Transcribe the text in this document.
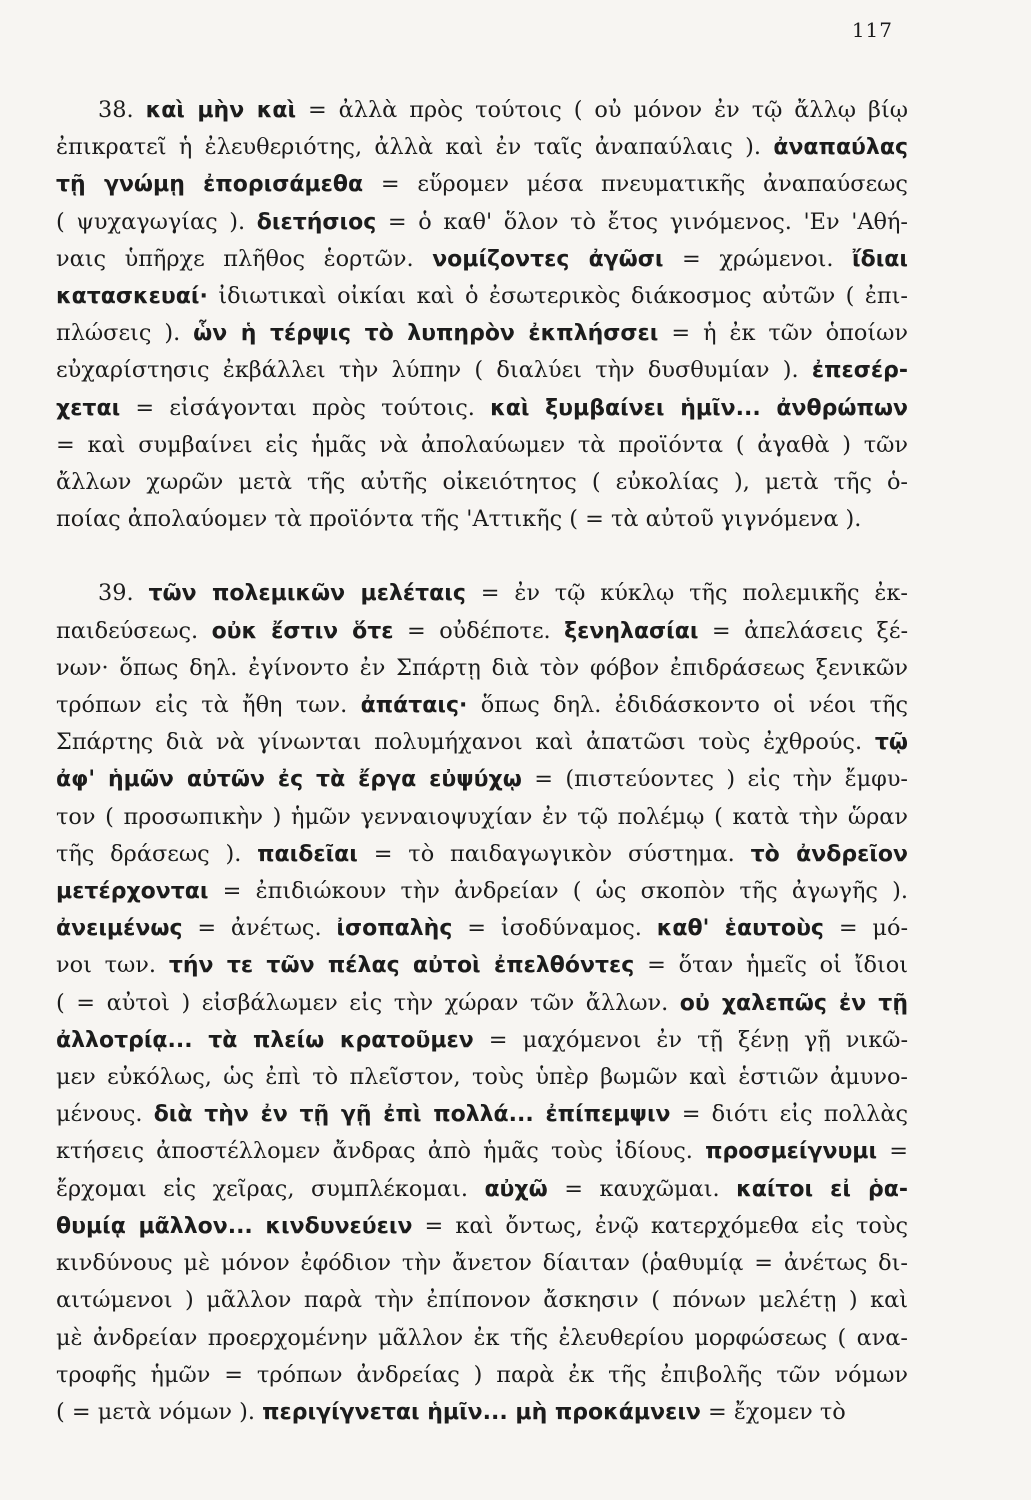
117

38. καὶ μὴν καὶ = ἀλλὰ πρὸς τούτοις ( οὐ μόνον ἐν τῷ ἄλλῳ βίῳ
ἐπικρατεῖ ἡ ἐλευθεριότης, ἀλλὰ καὶ ἐν ταῖς ἀναπαύλαις ). ἀναπαύλας
τῇ γνώμῃ ἐπορισάμεθα = εὕρομεν μέσα πνευματικῆς ἀναπαύσεως
( ψυχαγωγίας ). διετήσιος = ὁ καθ' ὅλον τὸ ἔτος γινόμενος. 'Εν 'Αθή-
ναις ὑπῆρχε πλῆθος ἑορτῶν. νομίζοντες ἀγῶσι = χρώμενοι. ἴδιαι
κατασκευαί· ἰδιωτικαὶ οἰκίαι καὶ ὁ ἐσωτερικὸς διάκοσμος αὐτῶν ( ἐπι-
πλώσεις ). ὧν ἡ τέρψις τὸ λυπηρὸν ἐκπλήσσει = ἡ ἐκ τῶν ὁποίων
εὐχαρίστησις ἐκβάλλει τὴν λύπην ( διαλύει τὴν δυσθυμίαν ). ἐπεσέρ-
χεται = εἰσάγονται πρὸς τούτοις. καὶ ξυμβαίνει ἡμῖν... ἀνθρώπων
= καὶ συμβαίνει εἰς ἡμᾶς νὰ ἀπολαύωμεν τὰ προϊόντα ( ἀγαθὰ ) τῶν
ἄλλων χωρῶν μετὰ τῆς αὐτῆς οἰκειότητος ( εὐκολίας ), μετὰ τῆς ὁ-
ποίας ἀπολαύομεν τὰ προϊόντα τῆς 'Αττικῆς ( = τὰ αὐτοῦ γιγνόμενα ).

39. τῶν πολεμικῶν μελέταις = ἐν τῷ κύκλῳ τῆς πολεμικῆς ἐκ-
παιδεύσεως. οὐκ ἔστιν ὅτε = οὐδέποτε. ξενηλασίαι = ἀπελάσεις ξέ-
νων· ὅπως δηλ. ἐγίνοντο ἐν Σπάρτῃ διὰ τὸν φόβον ἐπιδράσεως ξενικῶν
τρόπων εἰς τὰ ἤθη των. ἀπάταις· ὅπως δηλ. ἐδιδάσκοντο οἱ νέοι τῆς
Σπάρτης διὰ νὰ γίνωνται πολυμήχανοι καὶ ἀπατῶσι τοὺς ἐχθρούς. τῷ
ἀφ' ἡμῶν αὐτῶν ἐς τὰ ἔργα εὐψύχῳ = (πιστεύοντες ) εἰς τὴν ἔμφυ-
τον ( προσωπικὴν ) ἡμῶν γενναιοψυχίαν ἐν τῷ πολέμῳ ( κατὰ τὴν ὥραν
τῆς δράσεως ). παιδεῖαι = τὸ παιδαγωγικὸν σύστημα. τὸ ἀνδρεῖον
μετέρχονται = ἐπιδιώκουν τὴν ἀνδρείαν ( ὡς σκοπὸν τῆς ἀγωγῆς ).
ἀνειμένως = ἀνέτως. ἰσοπαλὴς = ἰσοδύναμος. καθ' ἑαυτοὺς = μό-
νοι των. τήν τε τῶν πέλας αὐτοὶ ἐπελθόντες = ὅταν ἡμεῖς οἱ ἴδιοι
( = αὐτοὶ ) εἰσβάλωμεν εἰς τὴν χώραν τῶν ἄλλων. οὐ χαλεπῶς ἐν τῇ
ἀλλοτρίᾳ... τὰ πλείω κρατοῦμεν = μαχόμενοι ἐν τῇ ξένῃ γῇ νικῶ-
μεν εὐκόλως, ὡς ἐπὶ τὸ πλεῖστον, τοὺς ὑπὲρ βωμῶν καὶ ἑστιῶν ἀμυνο-
μένους. διὰ τὴν ἐν τῇ γῇ ἐπὶ πολλά... ἐπίπεμψιν = διότι εἰς πολλὰς
κτήσεις ἀποστέλλομεν ἄνδρας ἀπὸ ἡμᾶς τοὺς ἰδίους. προσμείγνυμι =
ἔρχομαι εἰς χεῖρας, συμπλέκομαι. αὐχῶ = καυχῶμαι. καίτοι εἰ ῥα-
θυμίᾳ μᾶλλον... κινδυνεύειν = καὶ ὄντως, ἐνῷ κατερχόμεθα εἰς τοὺς
κινδύνους μὲ μόνον ἐφόδιον τὴν ἄνετον δίαιταν (ῥαθυμίᾳ = ἀνέτως δι-
αιτώμενοι ) μᾶλλον παρὰ τὴν ἐπίπονον ἄσκησιν ( πόνων μελέτῃ ) καὶ
μὲ ἀνδρείαν προερχομένην μᾶλλον ἐκ τῆς ἐλευθερίου μορφώσεως ( ανα-
τροφῆς ἡμῶν = τρόπων ἀνδρείας ) παρὰ ἐκ τῆς ἐπιβολῆς τῶν νόμων
( = μετὰ νόμων ). περιγίγνεται ἡμῖν... μὴ προκάμνειν = ἔχομεν τὸ
